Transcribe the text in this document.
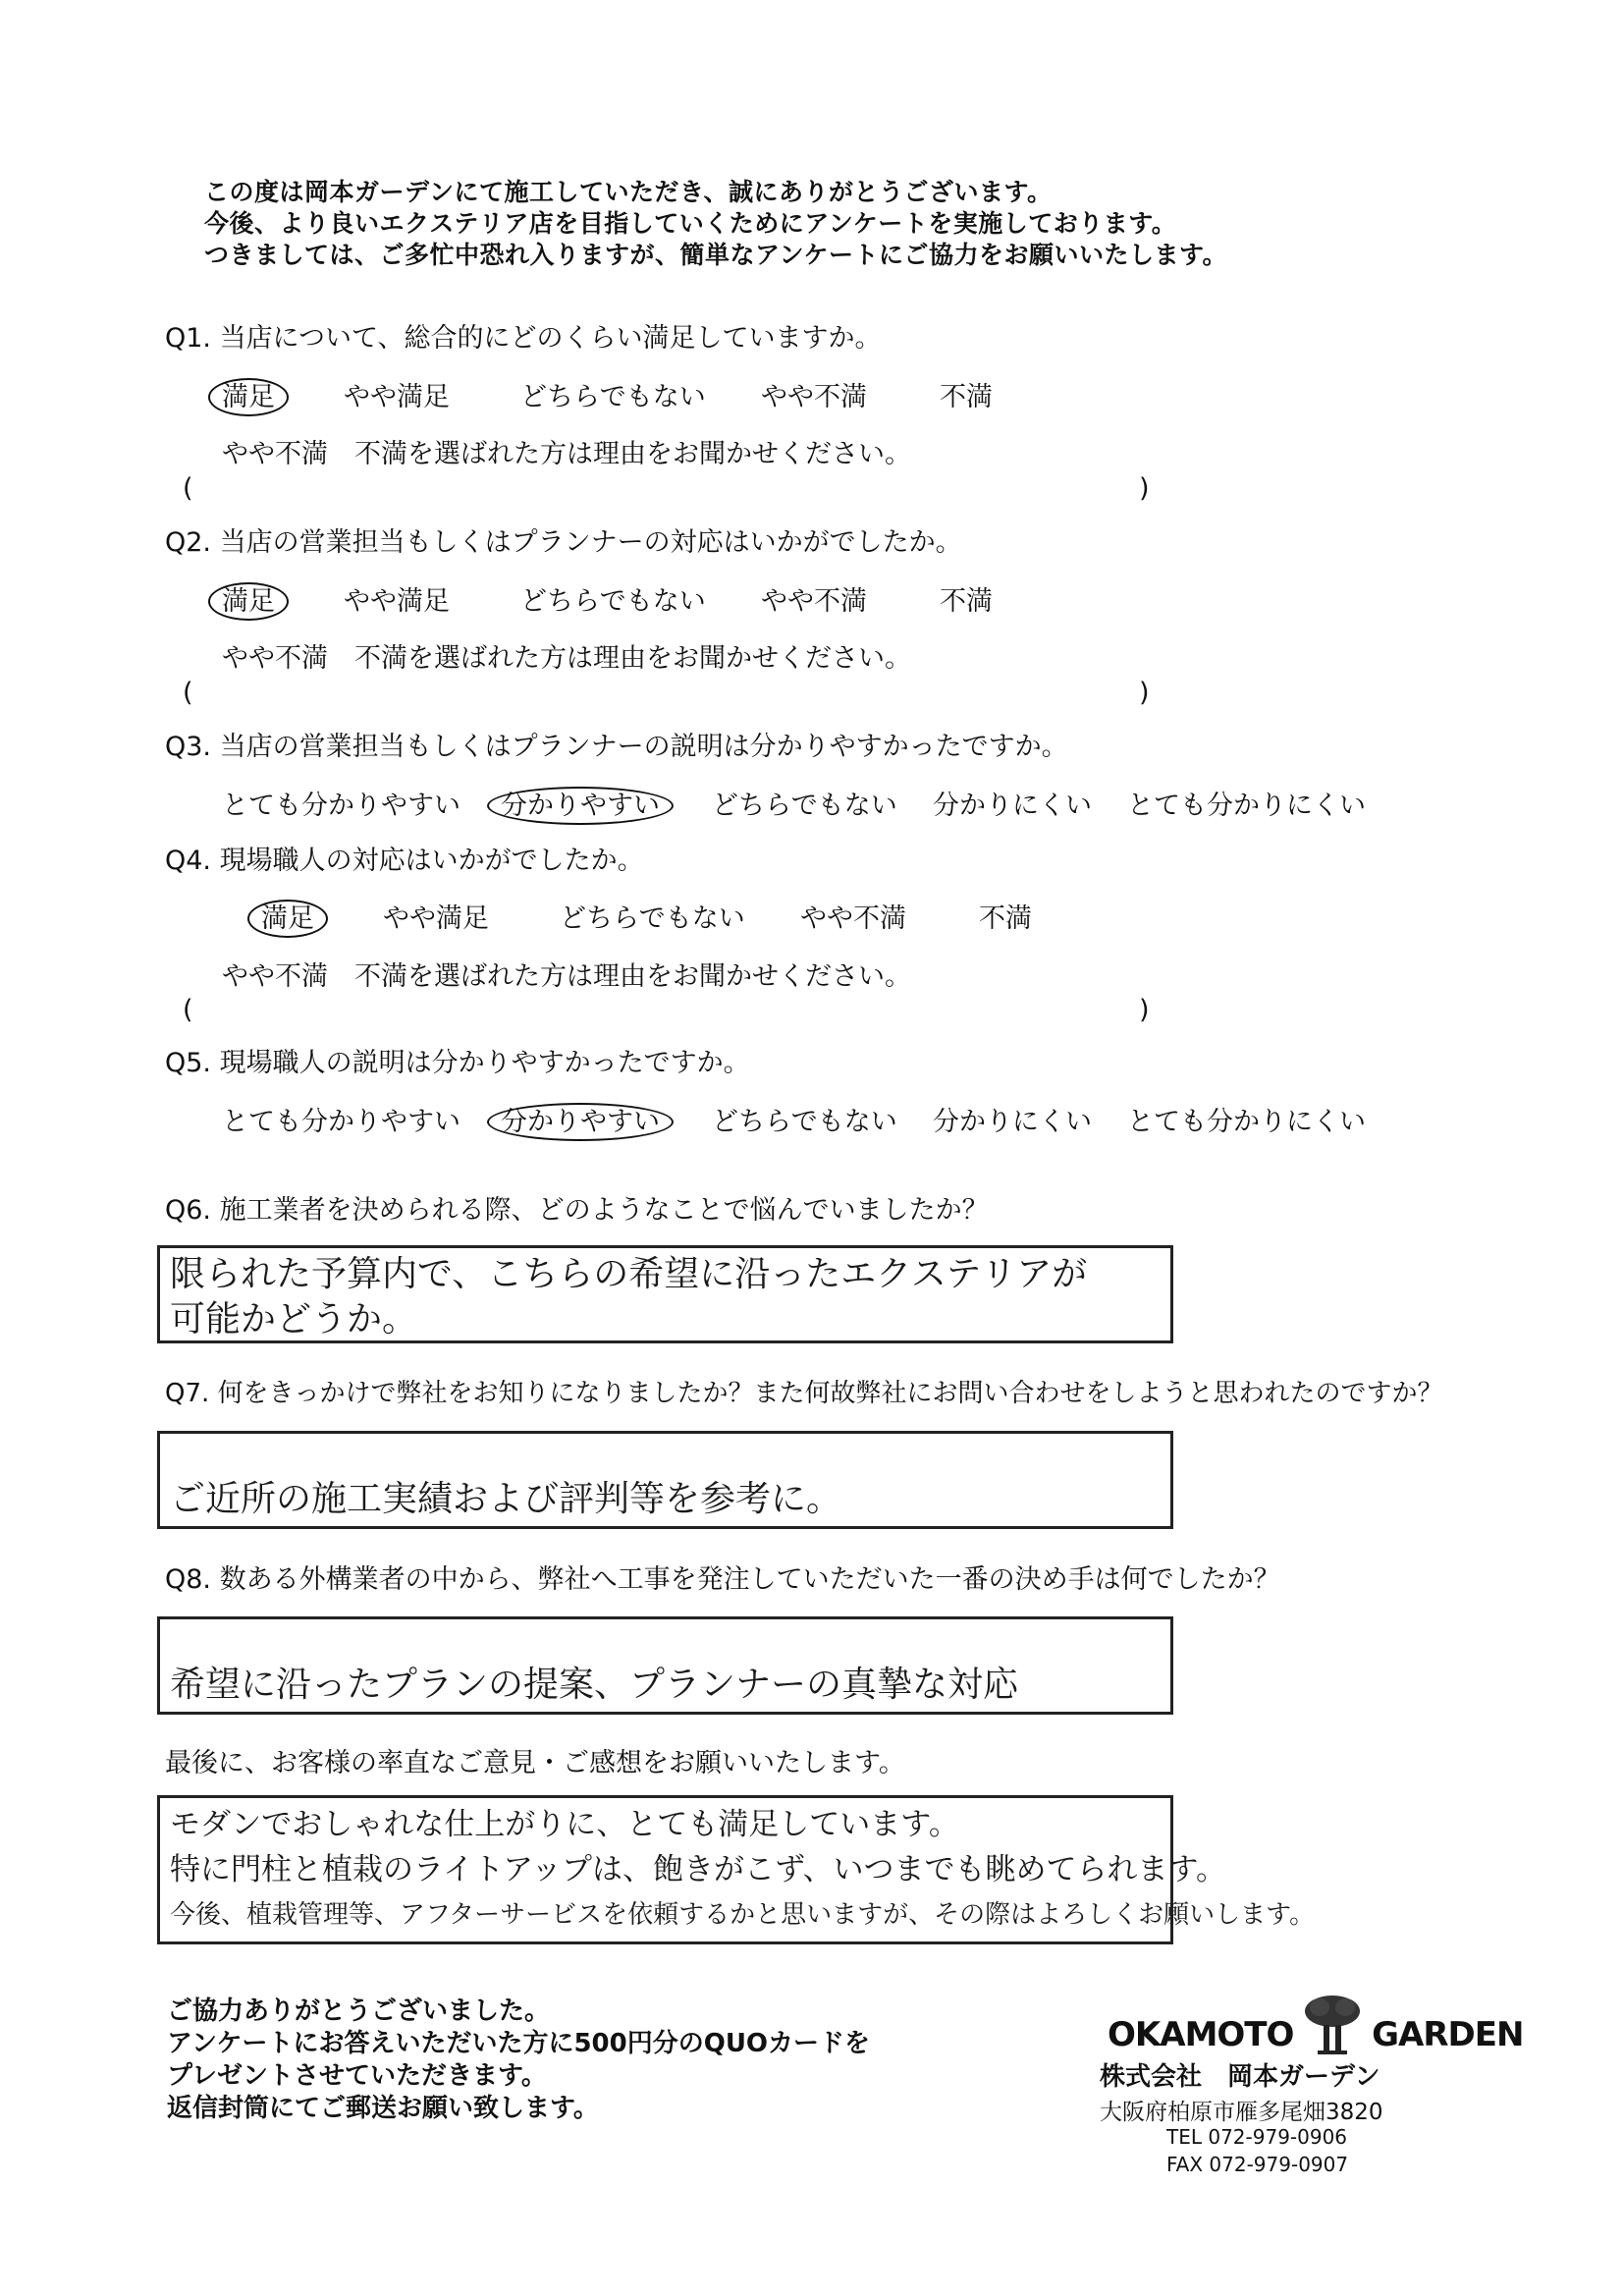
この度は岡本ガーデンにて施工していただき、誠にありがとうございます。
今後、より良いエクステリア店を目指していくためにアンケートを実施しております。
つきましては、ご多忙中恐れ入りますが、簡単なアンケートにご協力をお願いいたします。
Q1. 当店について、総合的にどのくらい満足していますか。
満足	やや満足	どちらでもない やや不満	不満
やや不満　不満を選ばれた方は理由をお聞かせください。
(	)
Q2. 当店の営業担当もしくはプランナーの対応はいかがでしたか。
満足	やや満足	どちらでもない やや不満	不満
やや不満　不満を選ばれた方は理由をお聞かせください。
(	)
Q3. 当店の営業担当もしくはプランナーの説明は分かりやすかったですか。
とても分かりやすい 分かりやすい	どちらでもない 分かりにくい とても分かりにくい
Q4. 現場職人の対応はいかがでしたか。
満足	やや満足	どちらでもない やや不満	不満
やや不満　不満を選ばれた方は理由をお聞かせください。
(	)
Q5. 現場職人の説明は分かりやすかったですか。
とても分かりやすい 分かりやすい	どちらでもない 分かりにくい とても分かりにくい
Q6. 施工業者を決められる際、どのようなことで悩んでいましたか？
限られた予算内で、こちらの希望に沿ったエクステリアが
可能かどうか。
Q7. 何をきっかけで弊社をお知りになりましたか？また何故弊社にお問い合わせをしようと思われたのですか？
ご近所の施工実績および評判等を参考に。
Q8. 数ある外構業者の中から、弊社へ工事を発注していただいた一番の決め手は何でしたか？
希望に沿ったプランの提案、プランナーの真摯な対応
最後に、お客様の率直なご意見・ご感想をお願いいたします。
モダンでおしゃれな仕上がりに、とても満足しています。
特に門柱と植栽のライトアップは、飽きがこず、いつまでも眺めてられます。
今後、植栽管理等、アフターサービスを依頼するかと思いますが、その際はよろしくお願いします。
ご協力ありがとうございました。
アンケートにお答えいただいた方に500円分のQUOカードを
プレゼントさせていただきます。
返信封筒にてご郵送お願い致します。
OKAMOTO GARDEN
株式会社　岡本ガーデン
大阪府柏原市雁多尾畑3820
TEL 072-979-0906
FAX 072-979-0907
